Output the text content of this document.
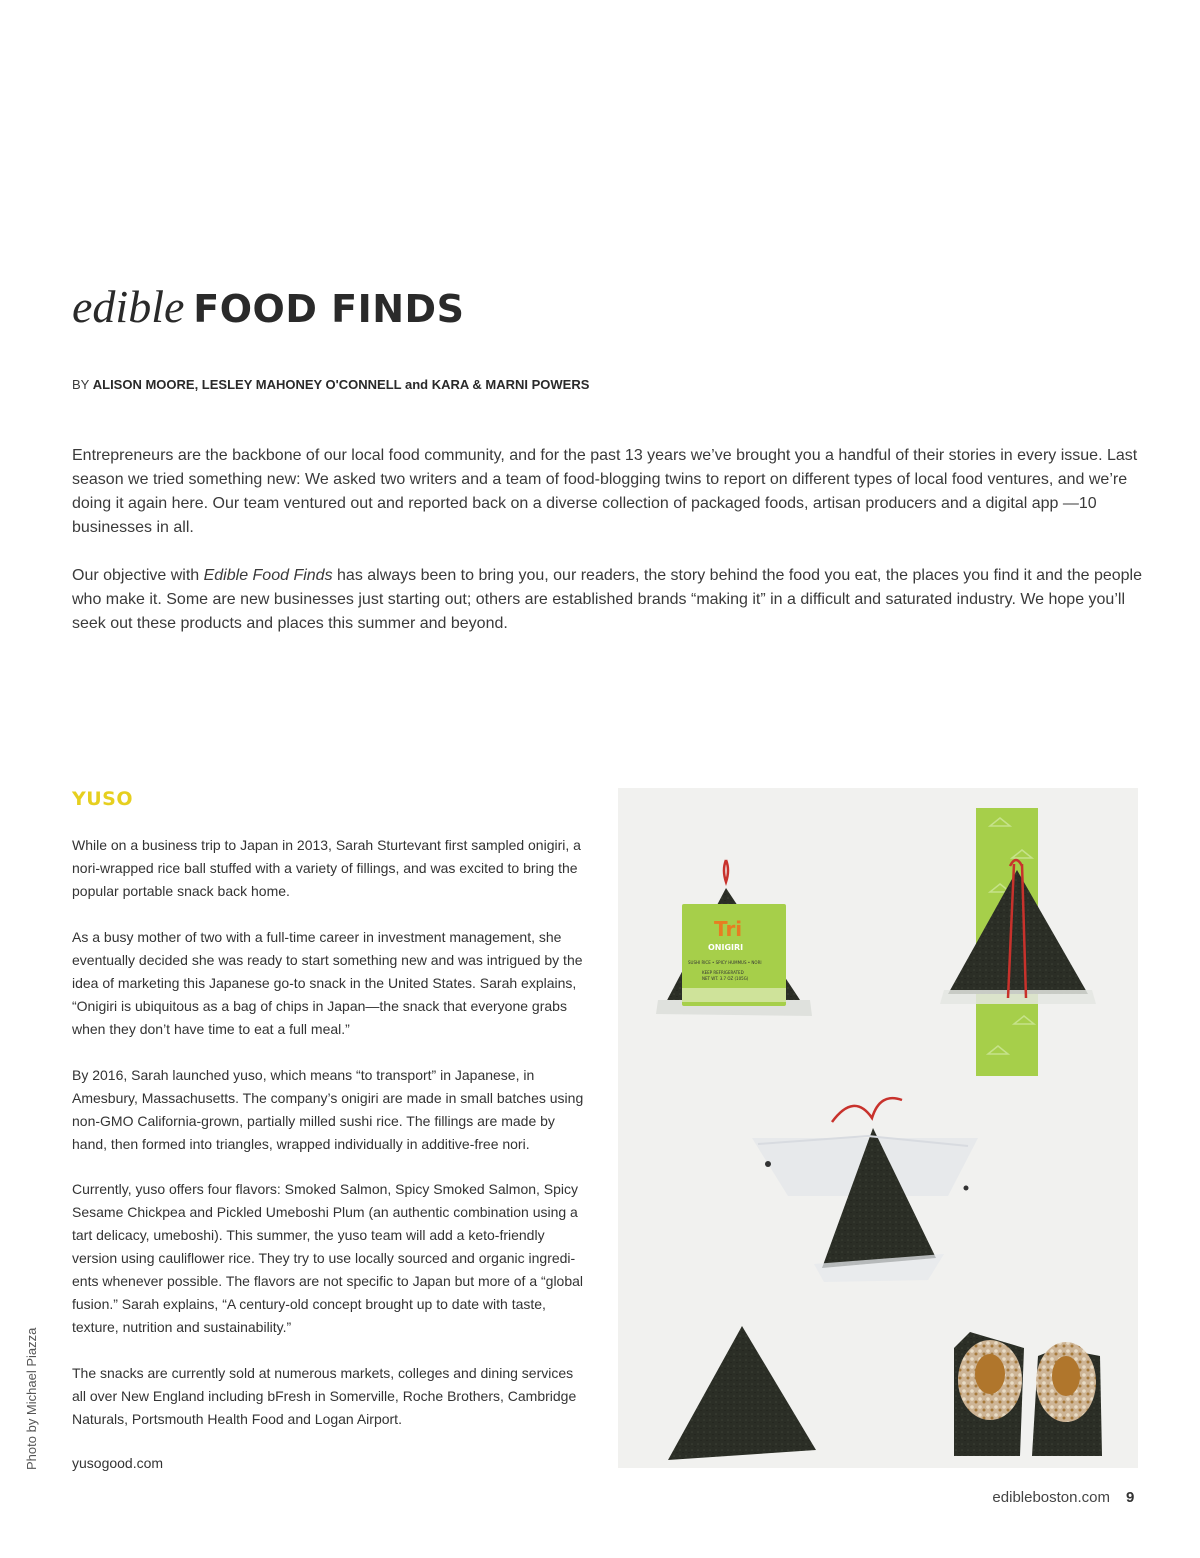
edible FOOD FINDS
BY ALISON MOORE, LESLEY MAHONEY O'CONNELL and KARA & MARNI POWERS

Entrepreneurs are the backbone of our local food community, and for the past 13 years we’ve brought you a handful of their stories in every issue. Last season we tried something new: We asked two writers and a team of food-blogging twins to report on different types of local food ventures, and we’re doing it again here. Our team ventured out and reported back on a diverse collection of packaged foods, artisan producers and a digital app —10 businesses in all.

Our objective with Edible Food Finds has always been to bring you, our readers, the story behind the food you eat, the places you find it and the people who make it. Some are new businesses just starting out; others are established brands “making it” in a difficult and saturated industry. We hope you’ll seek out these products and places this summer and beyond.

YUSO

While on a business trip to Japan in 2013, Sarah Sturtevant first sampled onigiri, a nori-wrapped rice ball stuffed with a variety of fillings, and was excited to bring the popular portable snack back home.

As a busy mother of two with a full-time career in investment management, she eventually decided she was ready to start something new and was intrigued by the idea of marketing this Japanese go-to snack in the United States. Sarah explains, “Onigiri is ubiquitous as a bag of chips in Japan—the snack that everyone grabs when they don’t have time to eat a full meal.”

By 2016, Sarah launched yuso, which means “to transport” in Japanese, in Amesbury, Massachusetts. The company’s onigiri are made in small batches using non-GMO California-grown, partially milled sushi rice. The fillings are made by hand, then formed into triangles, wrapped individually in additive-free nori.

Currently, yuso offers four flavors: Smoked Salmon, Spicy Smoked Salmon, Spicy Sesame Chickpea and Pickled Umeboshi Plum (an authentic combination using a tart delicacy, umeboshi). This summer, the yuso team will add a keto-friendly version using cauliflower rice. They try to use locally sourced and organic ingredi-ents whenever possible. The flavors are not specific to Japan but more of a “global fusion.” Sarah explains, “A century-old concept brought up to date with taste, texture, nutrition and sustainability.”

The snacks are currently sold at numerous markets, colleges and dining services all over New England including bFresh in Somerville, Roche Brothers, Cambridge Naturals, Portsmouth Health Food and Logan Airport.

yusogood.com

Tri
ONIGIRI
SUSHI RICE • SPICY HUMMUS • NORI
KEEP REFRIGERATED
NET WT. 3.7 OZ (105G)
Photo by Michael Piazza
edibleboston.com 9
